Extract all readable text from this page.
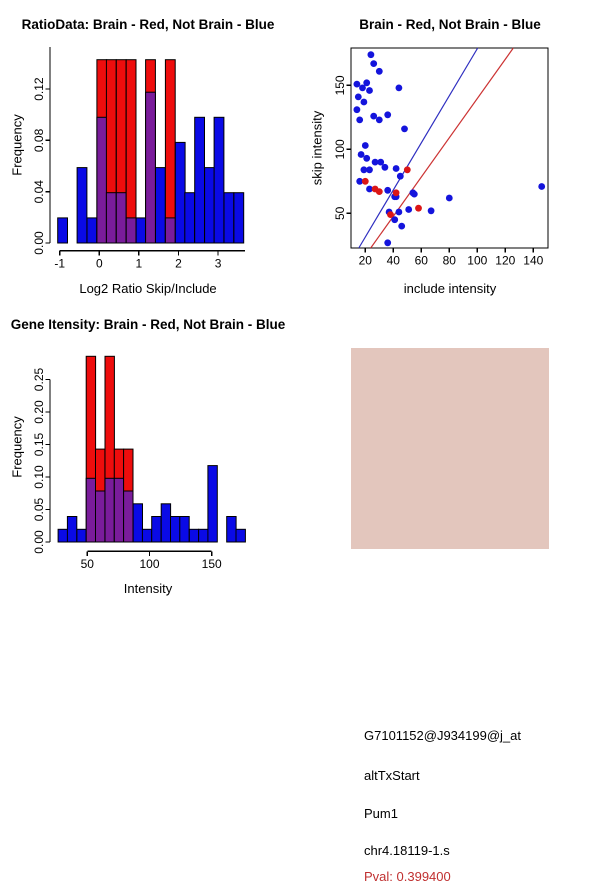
-1	0	1	2	3
0.00
0.04
0.08
0.12
20 40 60 80 100 120 140
50
100
150
50	100	150
0.00
0.05
0.10
0.15
0.20
0.25
RatioData: Brain - Red, Not Brain - Blue	Brain - Red, Not Brain - Blue
Gene Itensity: Brain - Red, Not Brain - Blue
Log2 Ratio Skip/Include	include intensity
Intensity
Frequency	skip intensity
Frequency
G7101152@J934199@j_at
altTxStart
Pum1
chr4.18119-1.s
Pval: 0.399400
